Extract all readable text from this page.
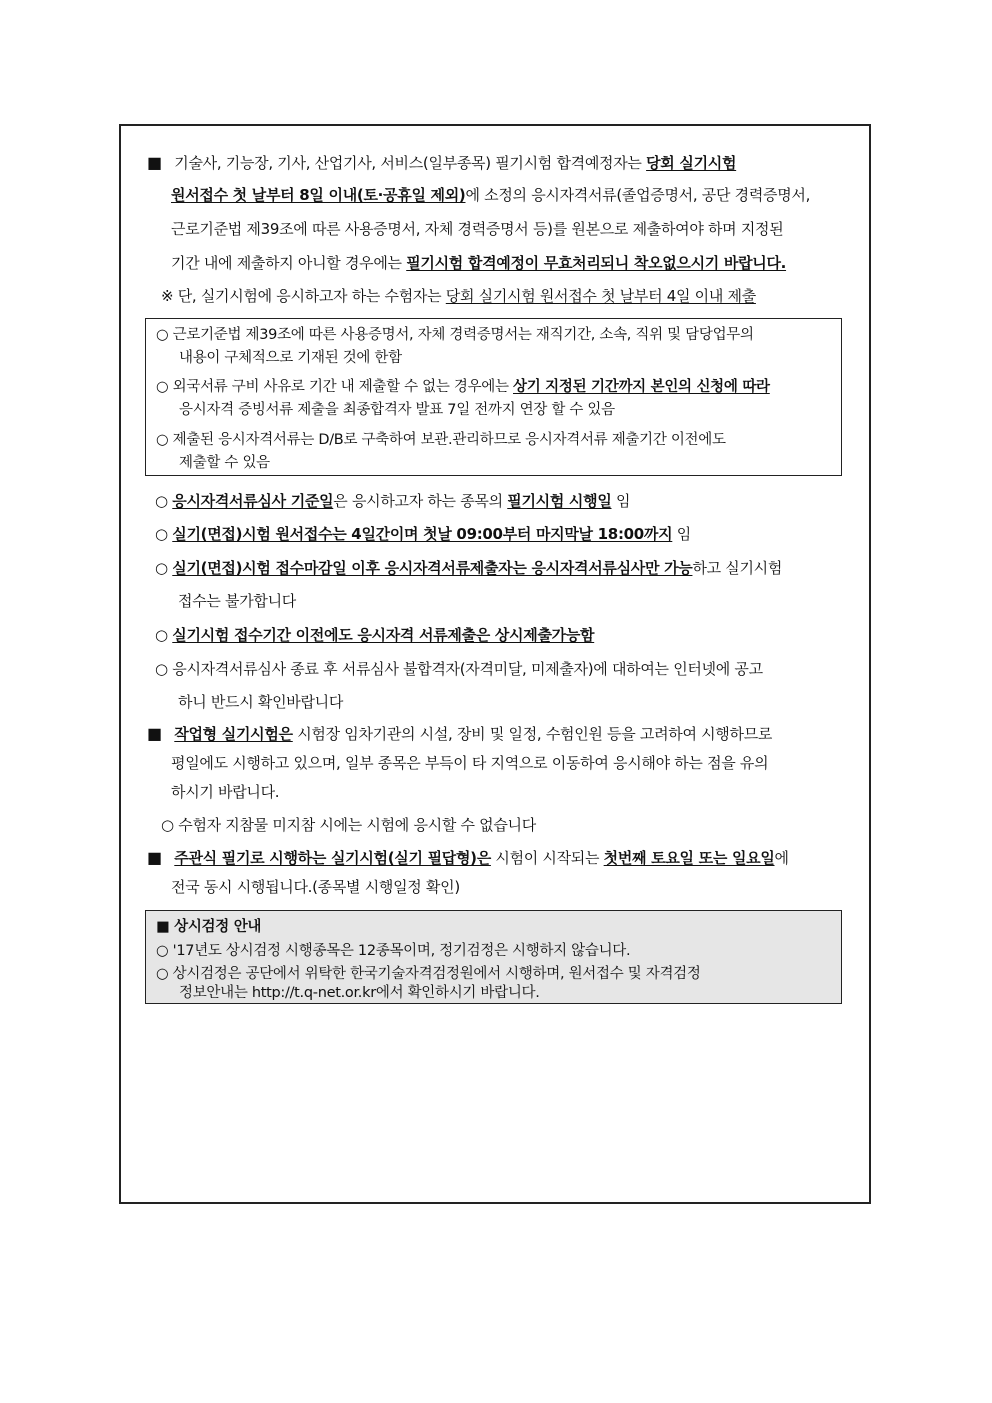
■ 기술사, 기능장, 기사, 산업기사, 서비스(일부종목) 필기시험 합격예정자는 당회 실기시험
원서접수 첫 날부터 8일 이내(토·공휴일 제외)에 소정의 응시자격서류(졸업증명서, 공단 경력증명서,
근로기준법 제39조에 따른 사용증명서, 자체 경력증명서 등)를 원본으로 제출하여야 하며 지정된
기간 내에 제출하지 아니할 경우에는 필기시험 합격예정이 무효처리되니 착오없으시기 바랍니다.
※ 단, 실기시험에 응시하고자 하는 수험자는 당회 실기시험 원서접수 첫 날부터 4일 이내 제출
○ 근로기준법 제39조에 따른 사용증명서, 자체 경력증명서는 재직기간, 소속, 직위 및 담당업무의
내용이 구체적으로 기재된 것에 한함
○ 외국서류 구비 사유로 기간 내 제출할 수 없는 경우에는 상기 지정된 기간까지 본인의 신청에 따라
응시자격 증빙서류 제출을 최종합격자 발표 7일 전까지 연장 할 수 있음
○ 제출된 응시자격서류는 D/B로 구축하여 보관.관리하므로 응시자격서류 제출기간 이전에도
제출할 수 있음
○ 응시자격서류심사 기준일은 응시하고자 하는 종목의 필기시험 시행일 임
○ 실기(면접)시험 원서접수는 4일간이며 첫날 09:00부터 마지막날 18:00까지 임
○ 실기(면접)시험 접수마감일 이후 응시자격서류제출자는 응시자격서류심사만 가능하고 실기시험
접수는 불가합니다
○ 실기시험 접수기간 이전에도 응시자격 서류제출은 상시제출가능함
○ 응시자격서류심사 종료 후 서류심사 불합격자(자격미달, 미제출자)에 대하여는 인터넷에 공고
하니 반드시 확인바랍니다
■ 작업형 실기시험은 시험장 임차기관의 시설, 장비 및 일정, 수험인원 등을 고려하여 시행하므로
평일에도 시행하고 있으며, 일부 종목은 부득이 타 지역으로 이동하여 응시해야 하는 점을 유의
하시기 바랍니다.
○ 수험자 지참물 미지참 시에는 시험에 응시할 수 없습니다
■ 주관식 필기로 시행하는 실기시험(실기 필답형)은 시험이 시작되는 첫번째 토요일 또는 일요일에
전국 동시 시행됩니다.(종목별 시행일정 확인)
■ 상시검정 안내
○ '17년도 상시검정 시행종목은 12종목이며, 정기검정은 시행하지 않습니다.
○ 상시검정은 공단에서 위탁한 한국기술자격검정원에서 시행하며, 원서접수 및 자격검정
정보안내는 http://t.q-net.or.kr에서 확인하시기 바랍니다.
